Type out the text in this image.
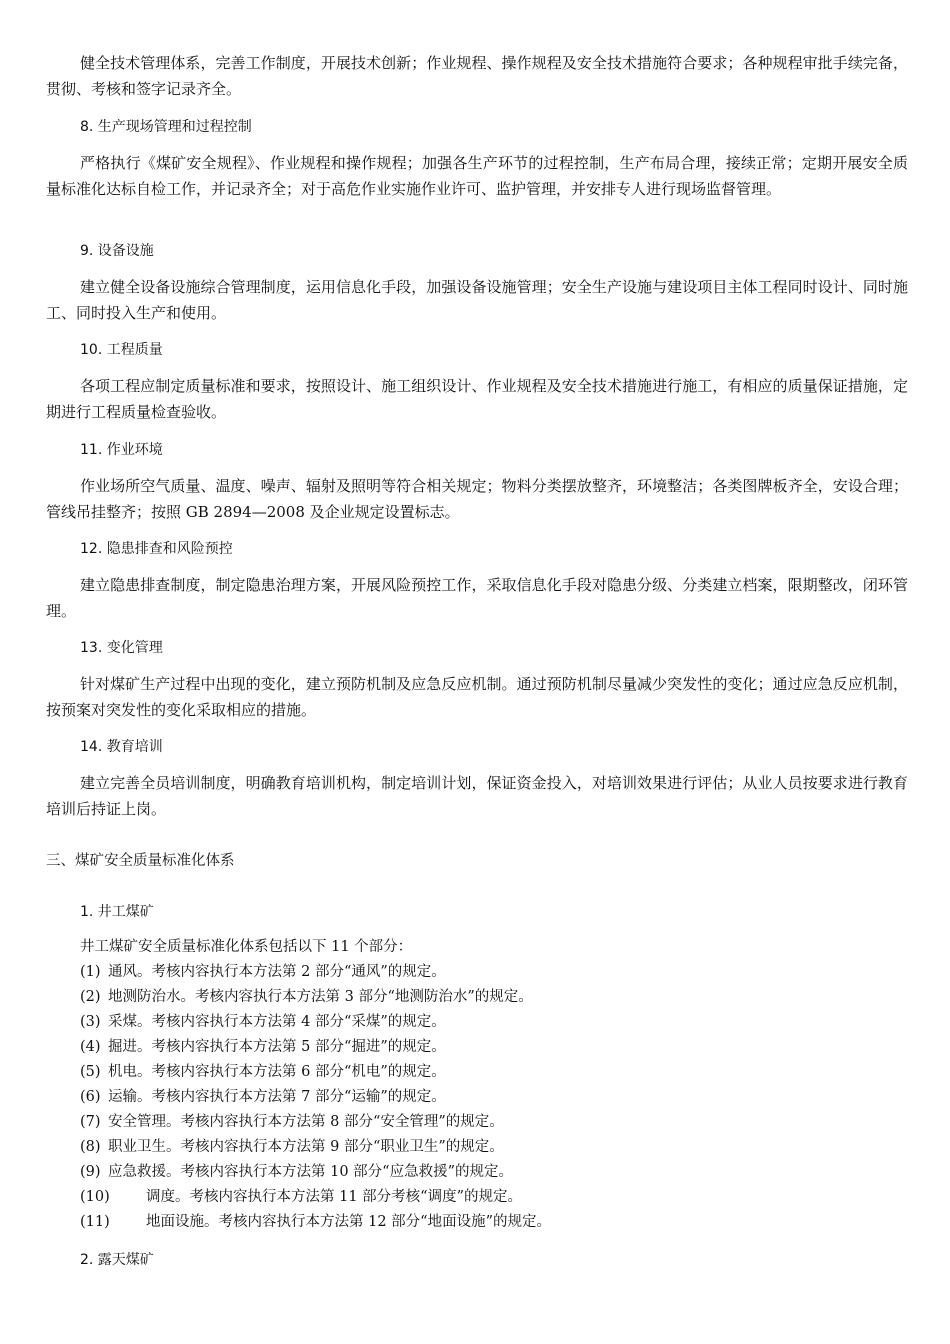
健全技术管理体系，完善工作制度，开展技术创新；作业规程、操作规程及安全技术措施符合要求；各种规程审批手续完备，贯彻、考核和签字记录齐全。

8. 生产现场管理和过程控制

严格执行《煤矿安全规程》、作业规程和操作规程；加强各生产环节的过程控制，生产布局合理，接续正常；定期开展安全质量标准化达标自检工作，并记录齐全；对于高危作业实施作业许可、监护管理，并安排专人进行现场监督管理。

9. 设备设施

建立健全设备设施综合管理制度，运用信息化手段，加强设备设施管理；安全生产设施与建设项目主体工程同时设计、同时施工、同时投入生产和使用。

10. 工程质量

各项工程应制定质量标准和要求，按照设计、施工组织设计、作业规程及安全技术措施进行施工，有相应的质量保证措施，定期进行工程质量检查验收。

11. 作业环境

作业场所空气质量、温度、噪声、辐射及照明等符合相关规定；物料分类摆放整齐，环境整洁；各类图牌板齐全，安设合理；管线吊挂整齐；按照 GB 2894—2008 及企业规定设置标志。

12. 隐患排查和风险预控

建立隐患排查制度，制定隐患治理方案，开展风险预控工作，采取信息化手段对隐患分级、分类建立档案，限期整改，闭环管理。

13. 变化管理

针对煤矿生产过程中出现的变化，建立预防机制及应急反应机制。通过预防机制尽量减少突发性的变化；通过应急反应机制，按预案对突发性的变化采取相应的措施。

14. 教育培训

建立完善全员培训制度，明确教育培训机构，制定培训计划，保证资金投入，对培训效果进行评估；从业人员按要求进行教育培训后持证上岗。

三、煤矿安全质量标准化体系
1. 井工煤矿
井工煤矿安全质量标准化体系包括以下 11 个部分：
(1) 通风。考核内容执行本方法第 2 部分“通风”的规定。
(2) 地测防治水。考核内容执行本方法第 3 部分“地测防治水”的规定。
(3) 采煤。考核内容执行本方法第 4 部分“采煤”的规定。
(4) 掘进。考核内容执行本方法第 5 部分“掘进”的规定。
(5) 机电。考核内容执行本方法第 6 部分“机电”的规定。
(6) 运输。考核内容执行本方法第 7 部分“运输”的规定。
(7) 安全管理。考核内容执行本方法第 8 部分“安全管理”的规定。
(8) 职业卫生。考核内容执行本方法第 9 部分“职业卫生”的规定。
(9) 应急救援。考核内容执行本方法第 10 部分“应急救援”的规定。
(10) 调度。考核内容执行本方法第 11 部分考核“调度”的规定。
(11) 地面设施。考核内容执行本方法第 12 部分“地面设施”的规定。
2. 露天煤矿
